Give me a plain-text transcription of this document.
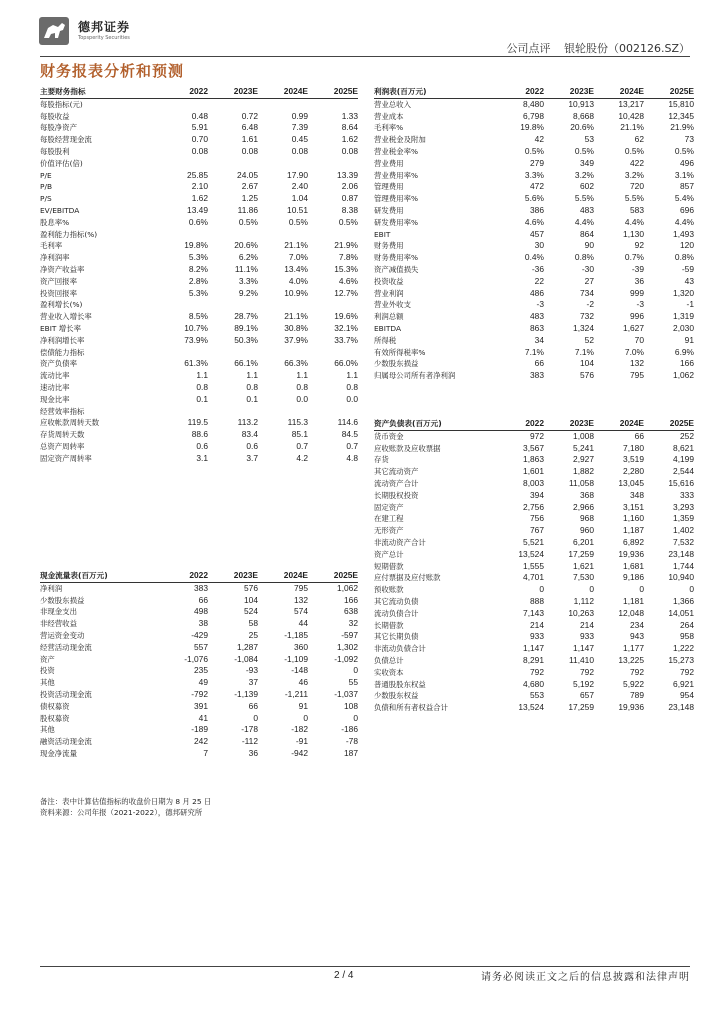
德邦证券
Topsperity Securities
公司点评 银轮股份（002126.SZ）
财务报表分析和预测
主要财务指标	2022	2023E	2024E	2025E
每股指标(元)				
每股收益	0.48	0.72	0.99	1.33
每股净资产	5.91	6.48	7.39	8.64
每股经营现金流	0.70	1.61	0.45	1.62
每股股利	0.08	0.08	0.08	0.08
价值评估(倍)				
P/E	25.85	24.05	17.90	13.39
P/B	2.10	2.67	2.40	2.06
P/S	1.62	1.25	1.04	0.87
EV/EBITDA	13.49	11.86	10.51	8.38
股息率%	0.6%	0.5%	0.5%	0.5%
盈利能力指标(%)				
毛利率	19.8%	20.6%	21.1%	21.9%
净利润率	5.3%	6.2%	7.0%	7.8%
净资产收益率	8.2%	11.1%	13.4%	15.3%
资产回报率	2.8%	3.3%	4.0%	4.6%
投资回报率	5.3%	9.2%	10.9%	12.7%
盈利增长(%)				
营业收入增长率	8.5%	28.7%	21.1%	19.6%
EBIT 增长率	10.7%	89.1%	30.8%	32.1%
净利润增长率	73.9%	50.3%	37.9%	33.7%
偿债能力指标				
资产负债率	61.3%	66.1%	66.3%	66.0%
流动比率	1.1	1.1	1.1	1.1
速动比率	0.8	0.8	0.8	0.8
现金比率	0.1	0.1	0.0	0.0
经营效率指标				
应收帐款周转天数	119.5	113.2	115.3	114.6
存货周转天数	88.6	83.4	85.1	84.5
总资产周转率	0.6	0.6	0.7	0.7
固定资产周转率	3.1	3.7	4.2	4.8
利润表(百万元)	2022	2023E	2024E	2025E
营业总收入	8,480	10,913	13,217	15,810
营业成本	6,798	8,668	10,428	12,345
毛利率%	19.8%	20.6%	21.1%	21.9%
营业税金及附加	42	53	62	73
营业税金率%	0.5%	0.5%	0.5%	0.5%
营业费用	279	349	422	496
营业费用率%	3.3%	3.2%	3.2%	3.1%
管理费用	472	602	720	857
管理费用率%	5.6%	5.5%	5.5%	5.4%
研发费用	386	483	583	696
研发费用率%	4.6%	4.4%	4.4%	4.4%
EBIT	457	864	1,130	1,493
财务费用	30	90	92	120
财务费用率%	0.4%	0.8%	0.7%	0.8%
资产减值损失	-36	-30	-39	-59
投资收益	22	27	36	43
营业利润	486	734	999	1,320
营业外收支	-3	-2	-3	-1
利润总额	483	732	996	1,319
EBITDA	863	1,324	1,627	2,030
所得税	34	52	70	91
有效所得税率%	7.1%	7.1%	7.0%	6.9%
少数股东损益	66	104	132	166
归属母公司所有者净利润	383	576	795	1,062
现金流量表(百万元)	2022	2023E	2024E	2025E
净利润	383	576	795	1,062
少数股东损益	66	104	132	166
非现金支出	498	524	574	638
非经营收益	38	58	44	32
营运资金变动	-429	25	-1,185	-597
经营活动现金流	557	1,287	360	1,302
资产	-1,076	-1,084	-1,109	-1,092
投资	235	-93	-148	0
其他	49	37	46	55
投资活动现金流	-792	-1,139	-1,211	-1,037
债权募资	391	66	91	108
股权募资	41	0	0	0
其他	-189	-178	-182	-186
融资活动现金流	242	-112	-91	-78
现金净流量	7	36	-942	187
资产负债表(百万元)	2022	2023E	2024E	2025E
货币资金	972	1,008	66	252
应收账款及应收票据	3,567	5,241	7,180	8,621
存货	1,863	2,927	3,519	4,199
其它流动资产	1,601	1,882	2,280	2,544
流动资产合计	8,003	11,058	13,045	15,616
长期股权投资	394	368	348	333
固定资产	2,756	2,966	3,151	3,293
在建工程	756	968	1,160	1,359
无形资产	767	960	1,187	1,402
非流动资产合计	5,521	6,201	6,892	7,532
资产总计	13,524	17,259	19,936	23,148
短期借款	1,555	1,621	1,681	1,744
应付票据及应付账款	4,701	7,530	9,186	10,940
预收账款	0	0	0	0
其它流动负债	888	1,112	1,181	1,366
流动负债合计	7,143	10,263	12,048	14,051
长期借款	214	214	234	264
其它长期负债	933	933	943	958
非流动负债合计	1,147	1,147	1,177	1,222
负债总计	8,291	11,410	13,225	15,273
实收资本	792	792	792	792
普通股股东权益	4,680	5,192	5,922	6,921
少数股东权益	553	657	789	954
负债和所有者权益合计	13,524	17,259	19,936	23,148
备注：表中计算估值指标的收盘价日期为 8 月 25 日
资料来源：公司年报（2021-2022），德邦研究所
2 / 4	请务必阅读正文之后的信息披露和法律声明
